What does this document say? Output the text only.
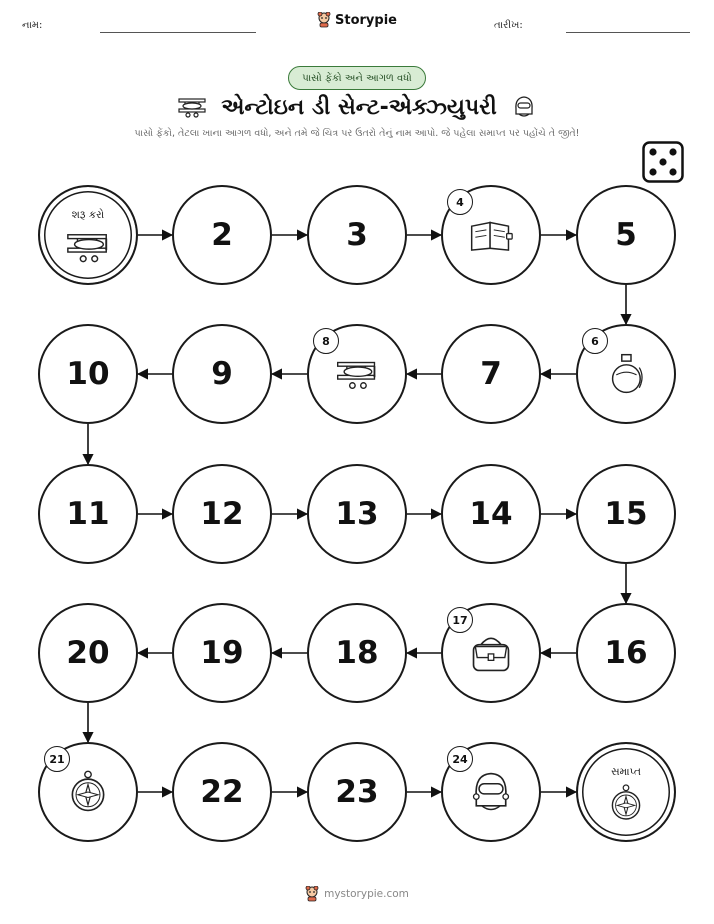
નામ:	Storypie	તારીખ:
પાસો ફેંકો અને આગળ વધો
એન્ટોઇન ડી સેન્ટ-એક્ઝ્યુપરી
પાસો ફેંકો, તેટલા ખાના આગળ વધો, અને તમે જે ચિત્ર પર ઉતરો તેનું નામ આપો. જે પહેલા સમાપ્ત પર પહોંચે તે જીતે!
શરૂ કરો
2	3
4
5
6
7
8
9
10
11	12	13	14	15
16
17
18
19
20
21
22	23
24
સમાપ્ત
mystorypie.com
